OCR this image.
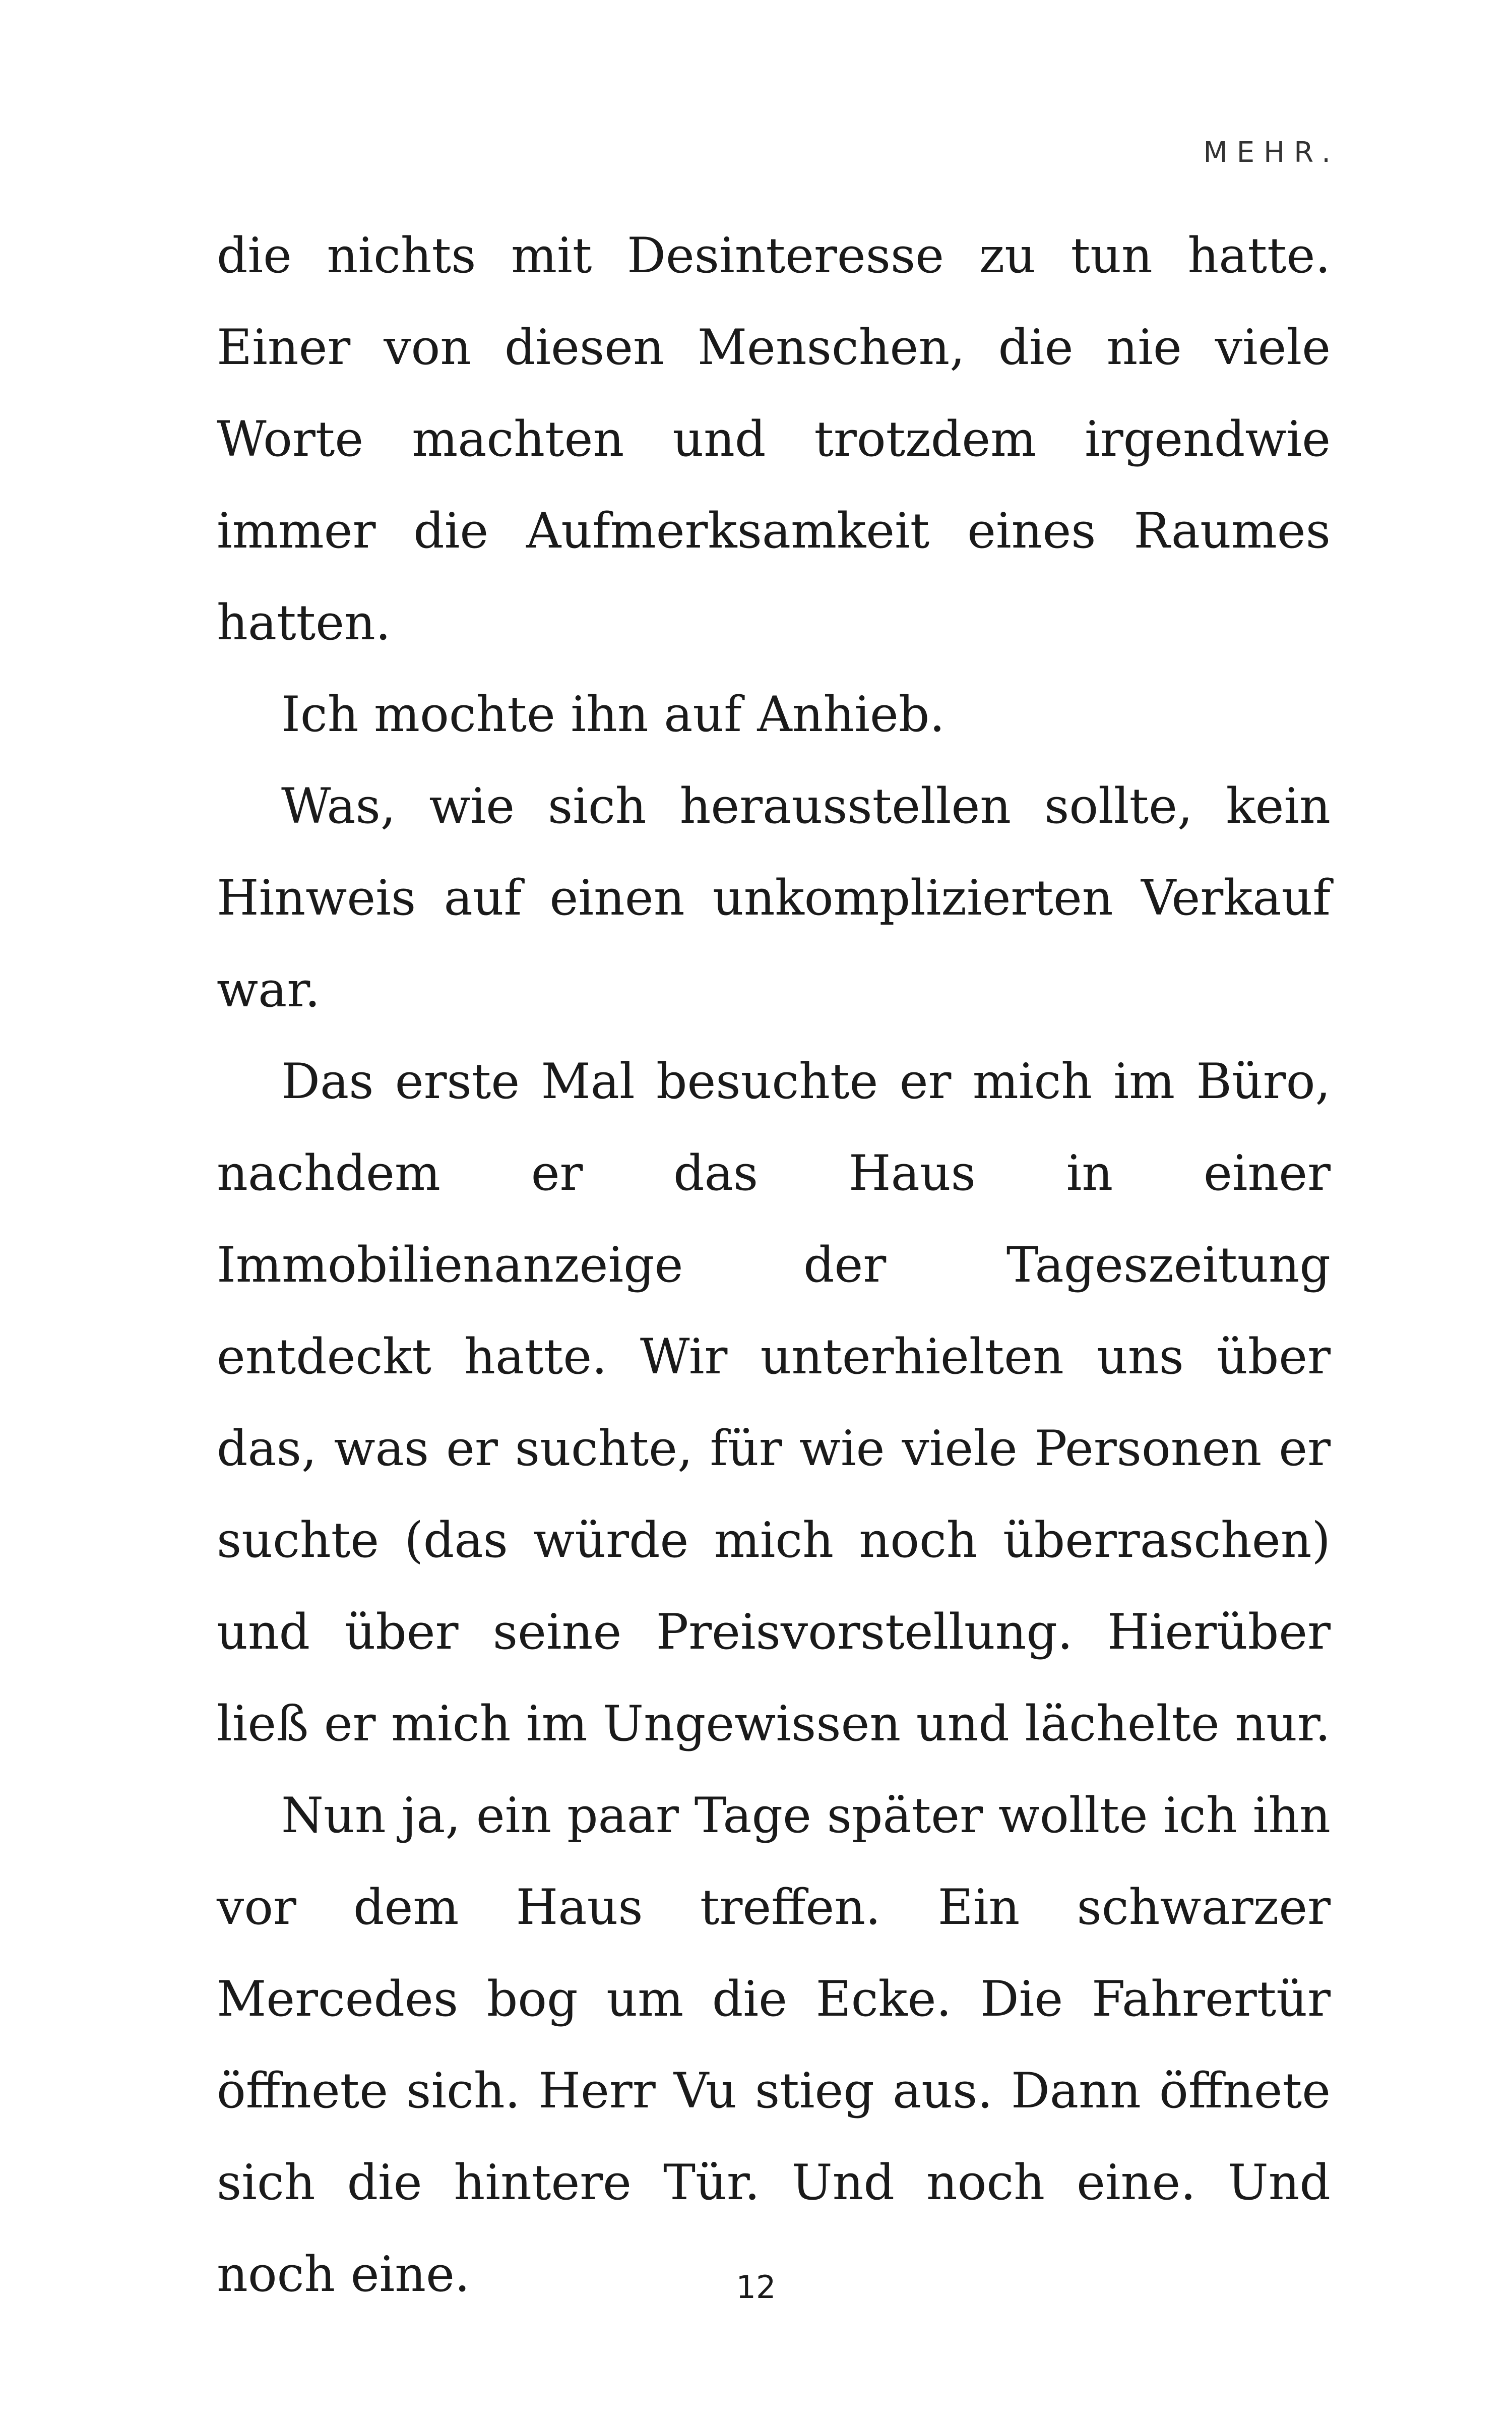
MEHR.

die nichts mit Desinteresse zu tun hatte. Einer von diesen Menschen, die nie viele Worte machten und trotzdem irgendwie immer die Aufmerksamkeit eines Raumes hatten.

Ich mochte ihn auf Anhieb.

Was, wie sich herausstellen sollte, kein Hinweis auf einen unkomplizierten Verkauf war.

Das erste Mal besuchte er mich im Büro, nachdem er das Haus in einer Immobilienanzeige der Tageszeitung entdeckt hatte. Wir unterhielten uns über das, was er suchte, für wie viele Personen er suchte (das würde mich noch überraschen) und über seine Preisvorstellung. Hierüber ließ er mich im Ungewissen und lächelte nur.

Nun ja, ein paar Tage später wollte ich ihn vor dem Haus treffen. Ein schwarzer Mercedes bog um die Ecke. Die Fahrertür öffnete sich. Herr Vu stieg aus. Dann öffnete sich die hintere Tür. Und noch eine. Und noch eine.	12
